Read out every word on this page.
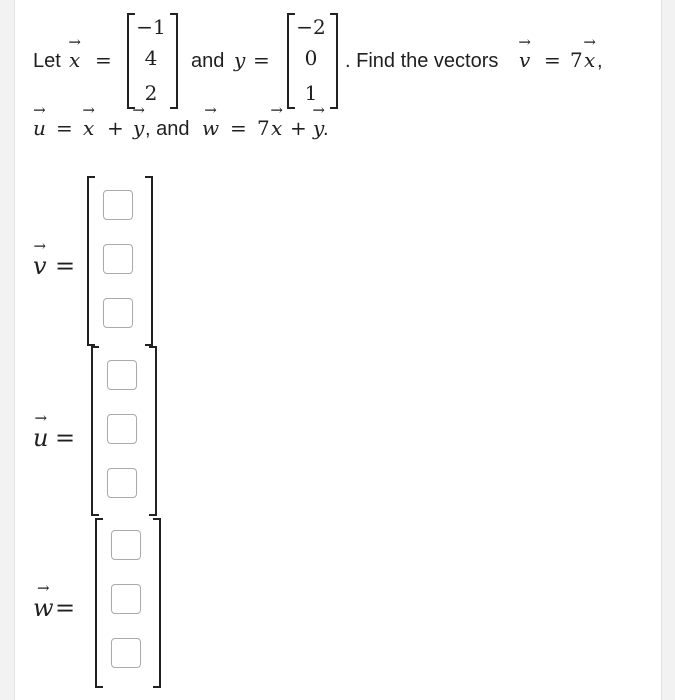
Let x → =
−1
4
2
and y =
−2
0
1
. Find the vectors v → = 7 x → ,
u → = x → + y → , and w → = 7 x → + y →
.
v → =
u → =
w → =
